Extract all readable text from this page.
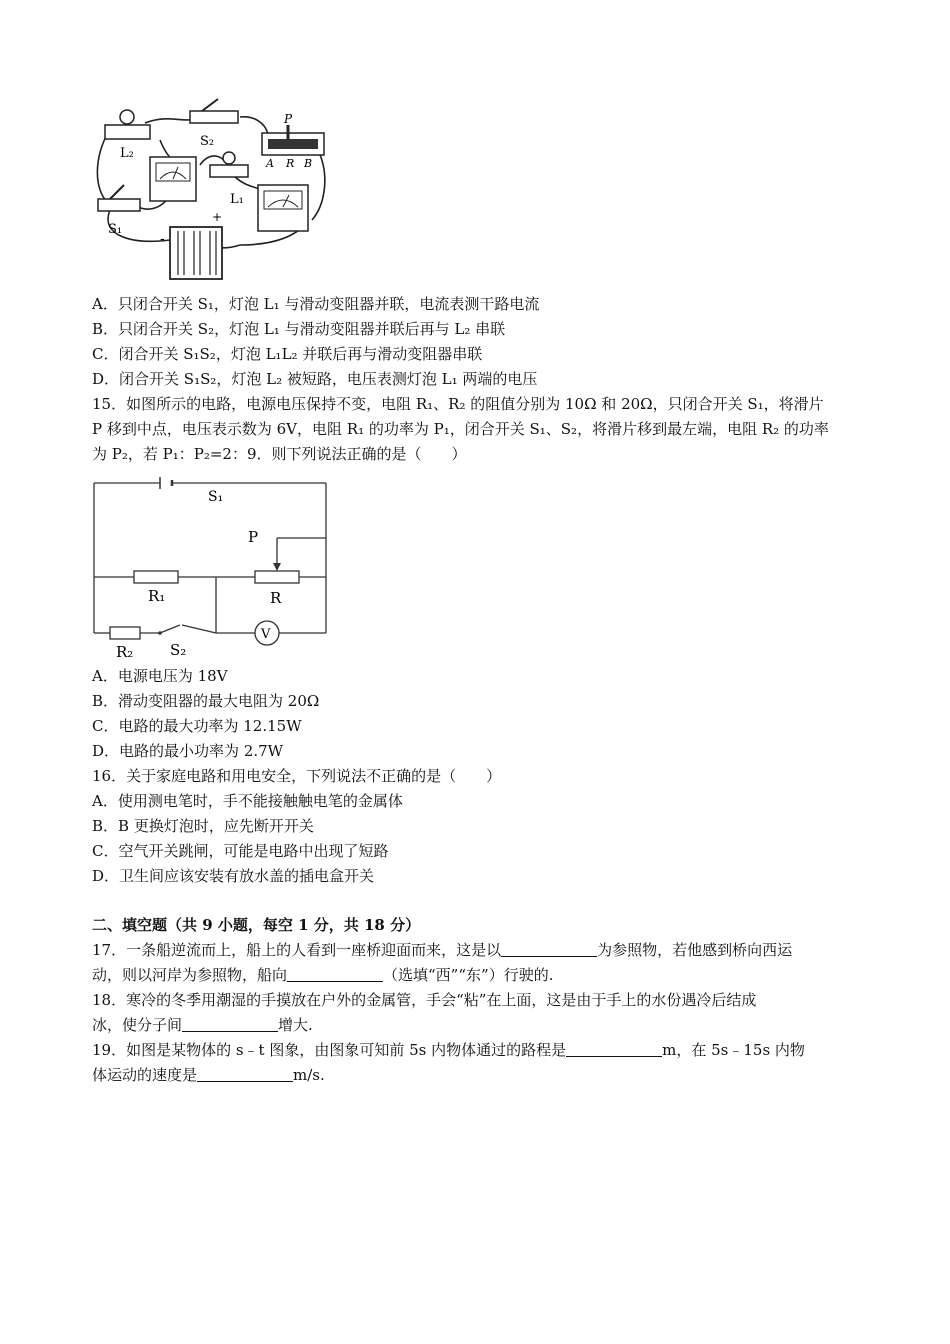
L₂
S₂
P
A R B
L₁
S₁
+
-
A．只闭合开关 S₁，灯泡 L₁ 与滑动变阻器并联，电流表测干路电流
B．只闭合开关 S₂，灯泡 L₁ 与滑动变阻器并联后再与 L₂ 串联
C．闭合开关 S₁S₂，灯泡 L₁L₂ 并联后再与滑动变阻器串联
D．闭合开关 S₁S₂，灯泡 L₂ 被短路，电压表测灯泡 L₁ 两端的电压
15．如图所示的电路，电源电压保持不变，电阻 R₁、R₂ 的阻值分别为 10Ω 和 20Ω，只闭合开关 S₁，将滑片
P 移到中点，电压表示数为 6V，电阻 R₁ 的功率为 P₁，闭合开关 S₁、S₂，将滑片移到最左端，电阻 R₂ 的功率
为 P₂，若 P₁：P₂=2：9．则下列说法正确的是（　　）
S₁
P
R₁	R
R₂ S₂
V
A．电源电压为 18V
B．滑动变阻器的最大电阻为 20Ω
C．电路的最大功率为 12.15W
D．电路的最小功率为 2.7W
16．关于家庭电路和用电安全，下列说法不正确的是（　　）
A．使用测电笔时，手不能接触触电笔的金属体
B．B 更换灯泡时，应先断开开关
C．空气开关跳闸，可能是电路中出现了短路
D．卫生间应该安装有放水盖的插电盒开关
二、填空题（共 9 小题，每空 1 分，共 18 分）
17．一条船逆流而上，船上的人看到一座桥迎面而来，这是以	为参照物，若他感到桥向西运
动，则以河岸为参照物，船向	（选填“西”“东”）行驶的.
18．寒冷的冬季用潮湿的手摸放在户外的金属管，手会“粘”在上面，这是由于手上的水份遇冷后结成
冰，使分子间	增大.
19．如图是某物体的 s﹣t 图象，由图象可知前 5s 内物体通过的路程是	m，在 5s﹣15s 内物
体运动的速度是	m/s.
